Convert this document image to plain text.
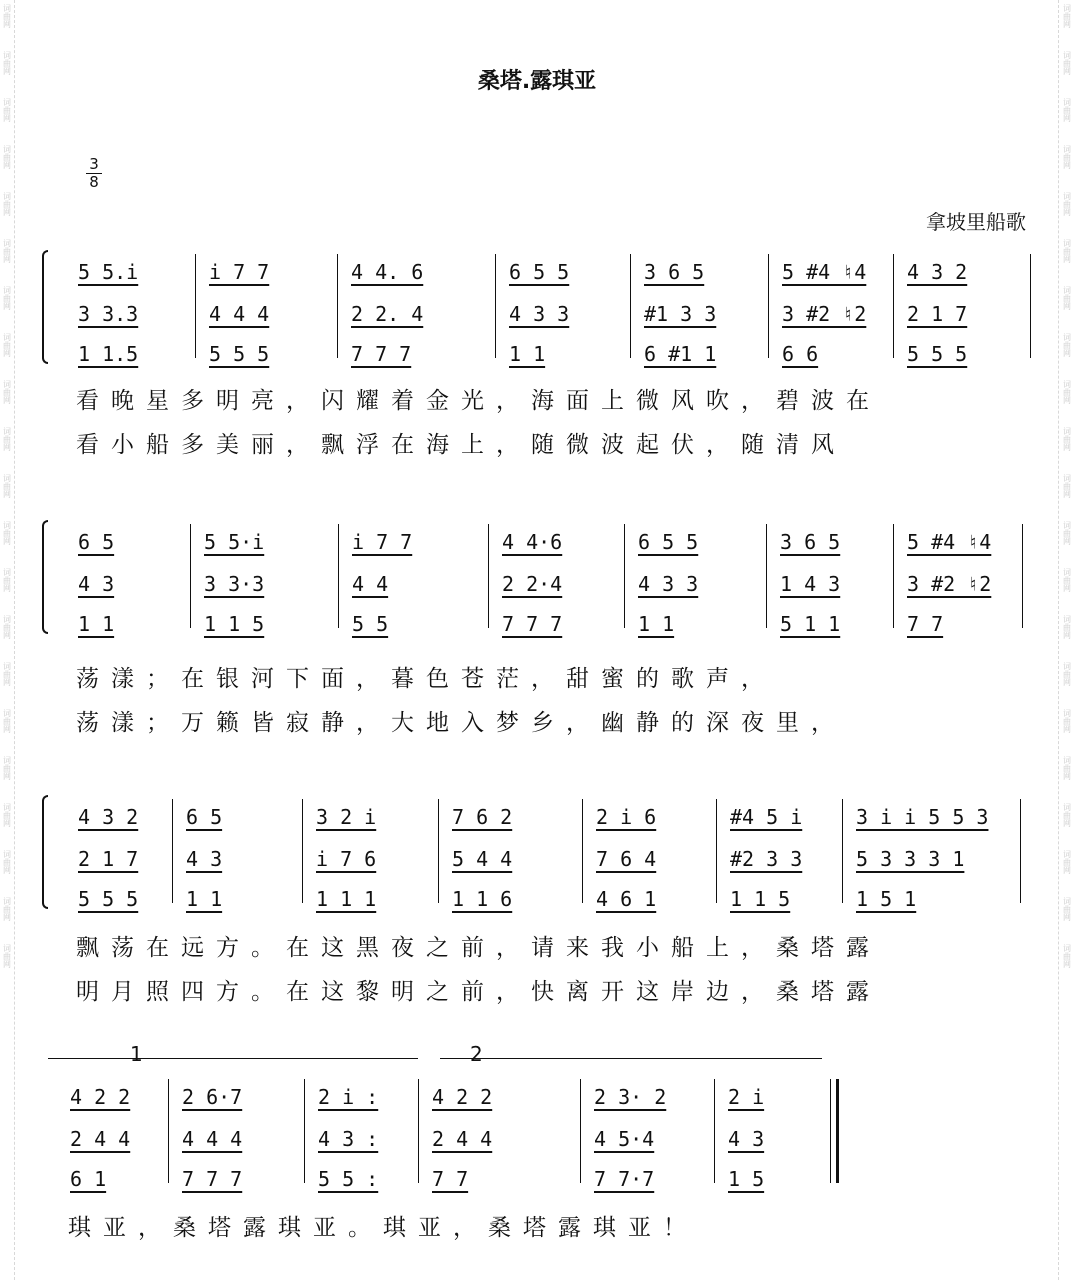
词曲网
词曲网
词曲网
词曲网
词曲网
词曲网
词曲网
词曲网
词曲网
词曲网
词曲网
词曲网
词曲网
词曲网
词曲网
词曲网
词曲网
词曲网
词曲网
词曲网
词曲网
词曲网
词曲网
词曲网
词曲网
词曲网
词曲网
词曲网
词曲网
词曲网
词曲网
词曲网
词曲网
词曲网
词曲网
词曲网
词曲网
词曲网
词曲网
词曲网
词曲网
词曲网
桑塔.露琪亚
3
8
拿坡里船歌
5 5.i
3 3.3
1 1.5
i 7 7
4 4 4
5 5 5
4 4. 6
2 2. 4
7 7 7
6 5 5
4 3 3
1 1
3 6 5
#1 3 3
6 #1 1
5 #4 ♮4
3 #2 ♮2
6 6
4 3 2
2 1 7
5 5 5
看晚星多明亮，闪耀着金光，海面上微风吹，碧波在
看小船多美丽，飘浮在海上，随微波起伏，随清风
6 5
4 3
1 1
5 5·i
3 3·3
1 1 5
i 7 7
4 4
5 5
4 4·6
2 2·4
7 7 7
6 5 5
4 3 3
1 1
3 6 5
1 4 3
5 1 1
5 #4 ♮4
3 #2 ♮2
7 7
荡漾；在银河下面，暮色苍茫，甜蜜的歌声，
荡漾；万籁皆寂静，大地入梦乡，幽静的深夜里，
4 3 2
2 1 7
5 5 5
6 5
4 3
1 1
3 2 i
i 7 6
1 1 1
7 6 2
5 4 4
1 1 6
2 i 6
7 6 4
4 6 1
#4 5 i
#2 3 3
1 1 5
3 i i 5 5 3
5 3 3 3 1
1 5 1
飘荡在远方。在这黑夜之前，请来我小船上，桑塔露
明月照四方。在这黎明之前，快离开这岸边，桑塔露
4 2 2
2 4 4
6 1
2 6·7
4 4 4
7 7 7
2 i :
4 3 :
5 5 :
4 2 2
2 4 4
7 7
2 3· 2
4 5·4
7 7·7
2 i
4 3
1 5
1	2
琪亚，桑塔露琪亚。琪亚，桑塔露琪亚！
